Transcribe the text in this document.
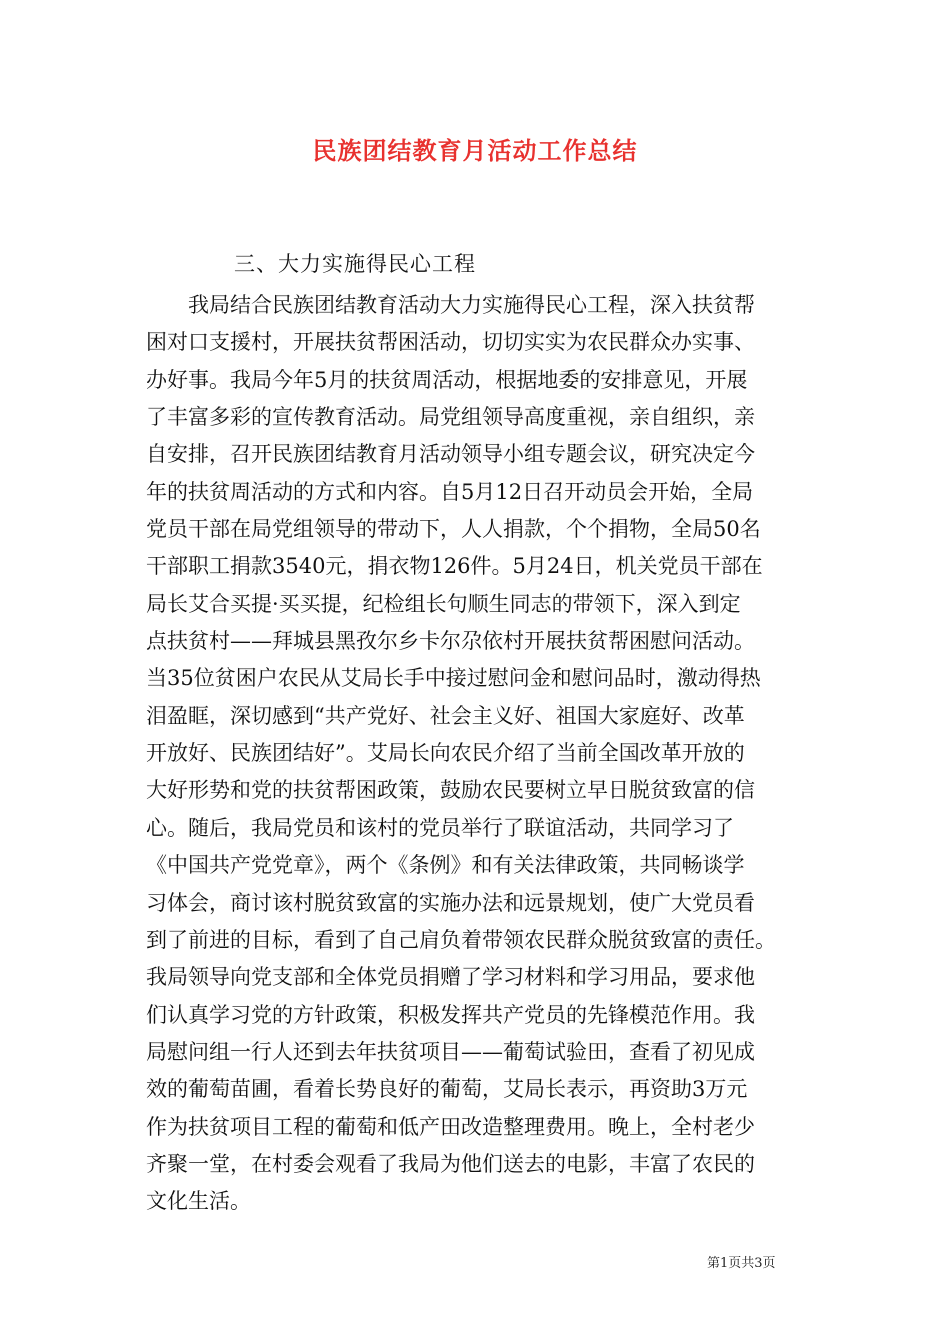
民族团结教育月活动工作总结
三、大力实施得民心工程
　　我局结合民族团结教育活动大力实施得民心工程，深入扶贫帮
困对口支援村，开展扶贫帮困活动，切切实实为农民群众办实事、
办好事。我局今年5月的扶贫周活动，根据地委的安排意见，开展
了丰富多彩的宣传教育活动。局党组领导高度重视，亲自组织，亲
自安排，召开民族团结教育月活动领导小组专题会议，研究决定今
年的扶贫周活动的方式和内容。自5月12日召开动员会开始，全局
党员干部在局党组领导的带动下，人人捐款，个个捐物，全局50名
干部职工捐款3540元，捐衣物126件。5月24日，机关党员干部在
局长艾合买提·买买提，纪检组长句顺生同志的带领下，深入到定
点扶贫村——拜城县黑孜尔乡卡尔尕依村开展扶贫帮困慰问活动。
当35位贫困户农民从艾局长手中接过慰问金和慰问品时，激动得热
泪盈眶，深切感到“共产党好、社会主义好、祖国大家庭好、改革
开放好、民族团结好”。艾局长向农民介绍了当前全国改革开放的
大好形势和党的扶贫帮困政策，鼓励农民要树立早日脱贫致富的信
心。随后，我局党员和该村的党员举行了联谊活动，共同学习了
《中国共产党党章》，两个《条例》和有关法律政策，共同畅谈学
习体会，商讨该村脱贫致富的实施办法和远景规划，使广大党员看
到了前进的目标，看到了自己肩负着带领农民群众脱贫致富的责任。
我局领导向党支部和全体党员捐赠了学习材料和学习用品，要求他
们认真学习党的方针政策，积极发挥共产党员的先锋模范作用。我
局慰问组一行人还到去年扶贫项目——葡萄试验田，查看了初见成
效的葡萄苗圃，看着长势良好的葡萄，艾局长表示，再资助3万元
作为扶贫项目工程的葡萄和低产田改造整理费用。晚上，全村老少
齐聚一堂，在村委会观看了我局为他们送去的电影，丰富了农民的
文化生活。
第1页共3页
